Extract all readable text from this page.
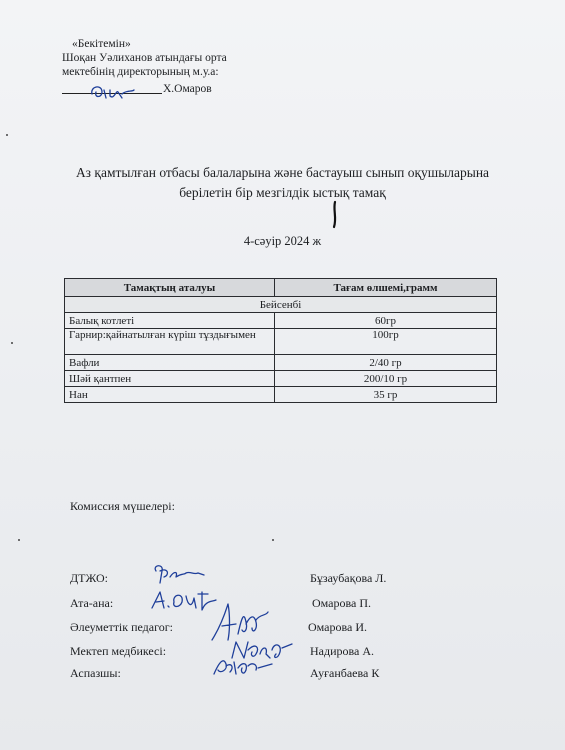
«Бекітемін»
Шоқан Уәлиханов атындағы орта
мектебінің директорының м.у.а:
Х.Омаров
Аз қамтылған отбасы балаларына және бастауыш сынып оқушыларына
берілетін бір мезгілдік ыстық тамақ
4-сәуір 2024 ж
Тамақтың аталуы	Тағам өлшемі,грамм
Бейсенбі	
Балық котлеті	60гр
Гарнир:қайнатылған күріш тұздығымен	100гр
Вафли	2/40 гр
Шәй қантпен	200/10 гр
Нан	35 гр
Комиссия мүшелері:
ДТЖО:	Бұзаубақова Л.
Ата-ана:	Омарова П.
Әлеуметтік педагог:	Омарова И.
Мектеп медбикесі:	Надирова А.
Аспазшы:	Ауғанбаева К
